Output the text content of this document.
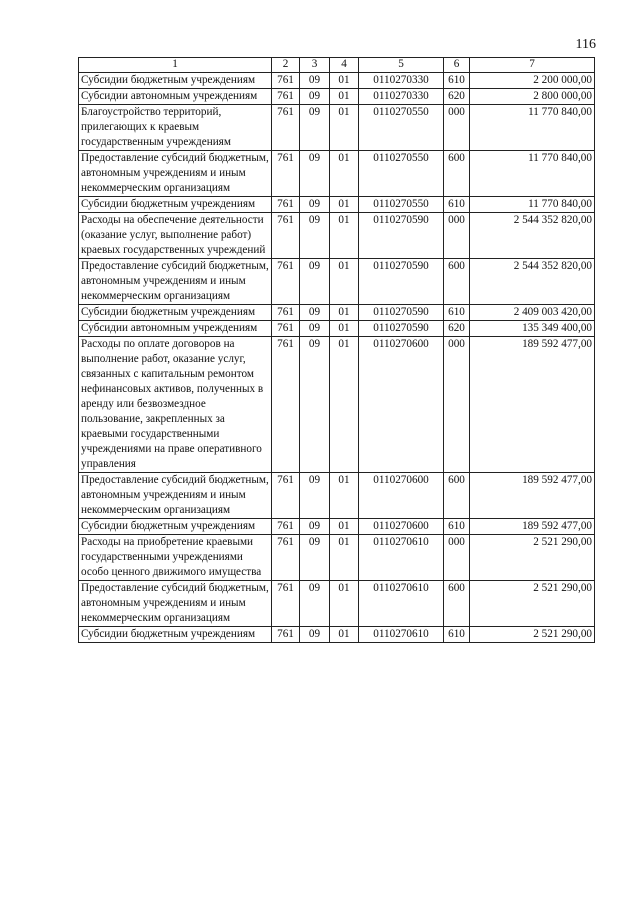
116
1	2	3	4	5	6	7
Субсидии бюджетным учреждениям	761	09	01	0110270330	610	2 200 000,00
Субсидии автономным учреждениям	761	09	01	0110270330	620	2 800 000,00
Благоустройство территорий, прилегающих к краевым государственным учреждениям	761	09	01	0110270550	000	11 770 840,00
Предоставление субсидий бюджетным, автономным учреждениям и иным некоммерческим организациям	761	09	01	0110270550	600	11 770 840,00
Субсидии бюджетным учреждениям	761	09	01	0110270550	610	11 770 840,00
Расходы на обеспечение деятельности (оказание услуг, выполнение работ) краевых государственных учреждений	761	09	01	0110270590	000	2 544 352 820,00
Предоставление субсидий бюджетным, автономным учреждениям и иным некоммерческим организациям	761	09	01	0110270590	600	2 544 352 820,00
Субсидии бюджетным учреждениям	761	09	01	0110270590	610	2 409 003 420,00
Субсидии автономным учреждениям	761	09	01	0110270590	620	135 349 400,00
Расходы по оплате договоров на выполнение работ, оказание услуг, связанных с капитальным ремонтом нефинансовых активов, полученных в аренду или безвозмездное пользование, закрепленных за краевыми государственными учреждениями на праве оперативного управления	761	09	01	0110270600	000	189 592 477,00
Предоставление субсидий бюджетным, автономным учреждениям и иным некоммерческим организациям	761	09	01	0110270600	600	189 592 477,00
Субсидии бюджетным учреждениям	761	09	01	0110270600	610	189 592 477,00
Расходы на приобретение краевыми государственными учреждениями особо ценного движимого имущества	761	09	01	0110270610	000	2 521 290,00
Предоставление субсидий бюджетным, автономным учреждениям и иным некоммерческим организациям	761	09	01	0110270610	600	2 521 290,00
Субсидии бюджетным учреждениям	761	09	01	0110270610	610	2 521 290,00
